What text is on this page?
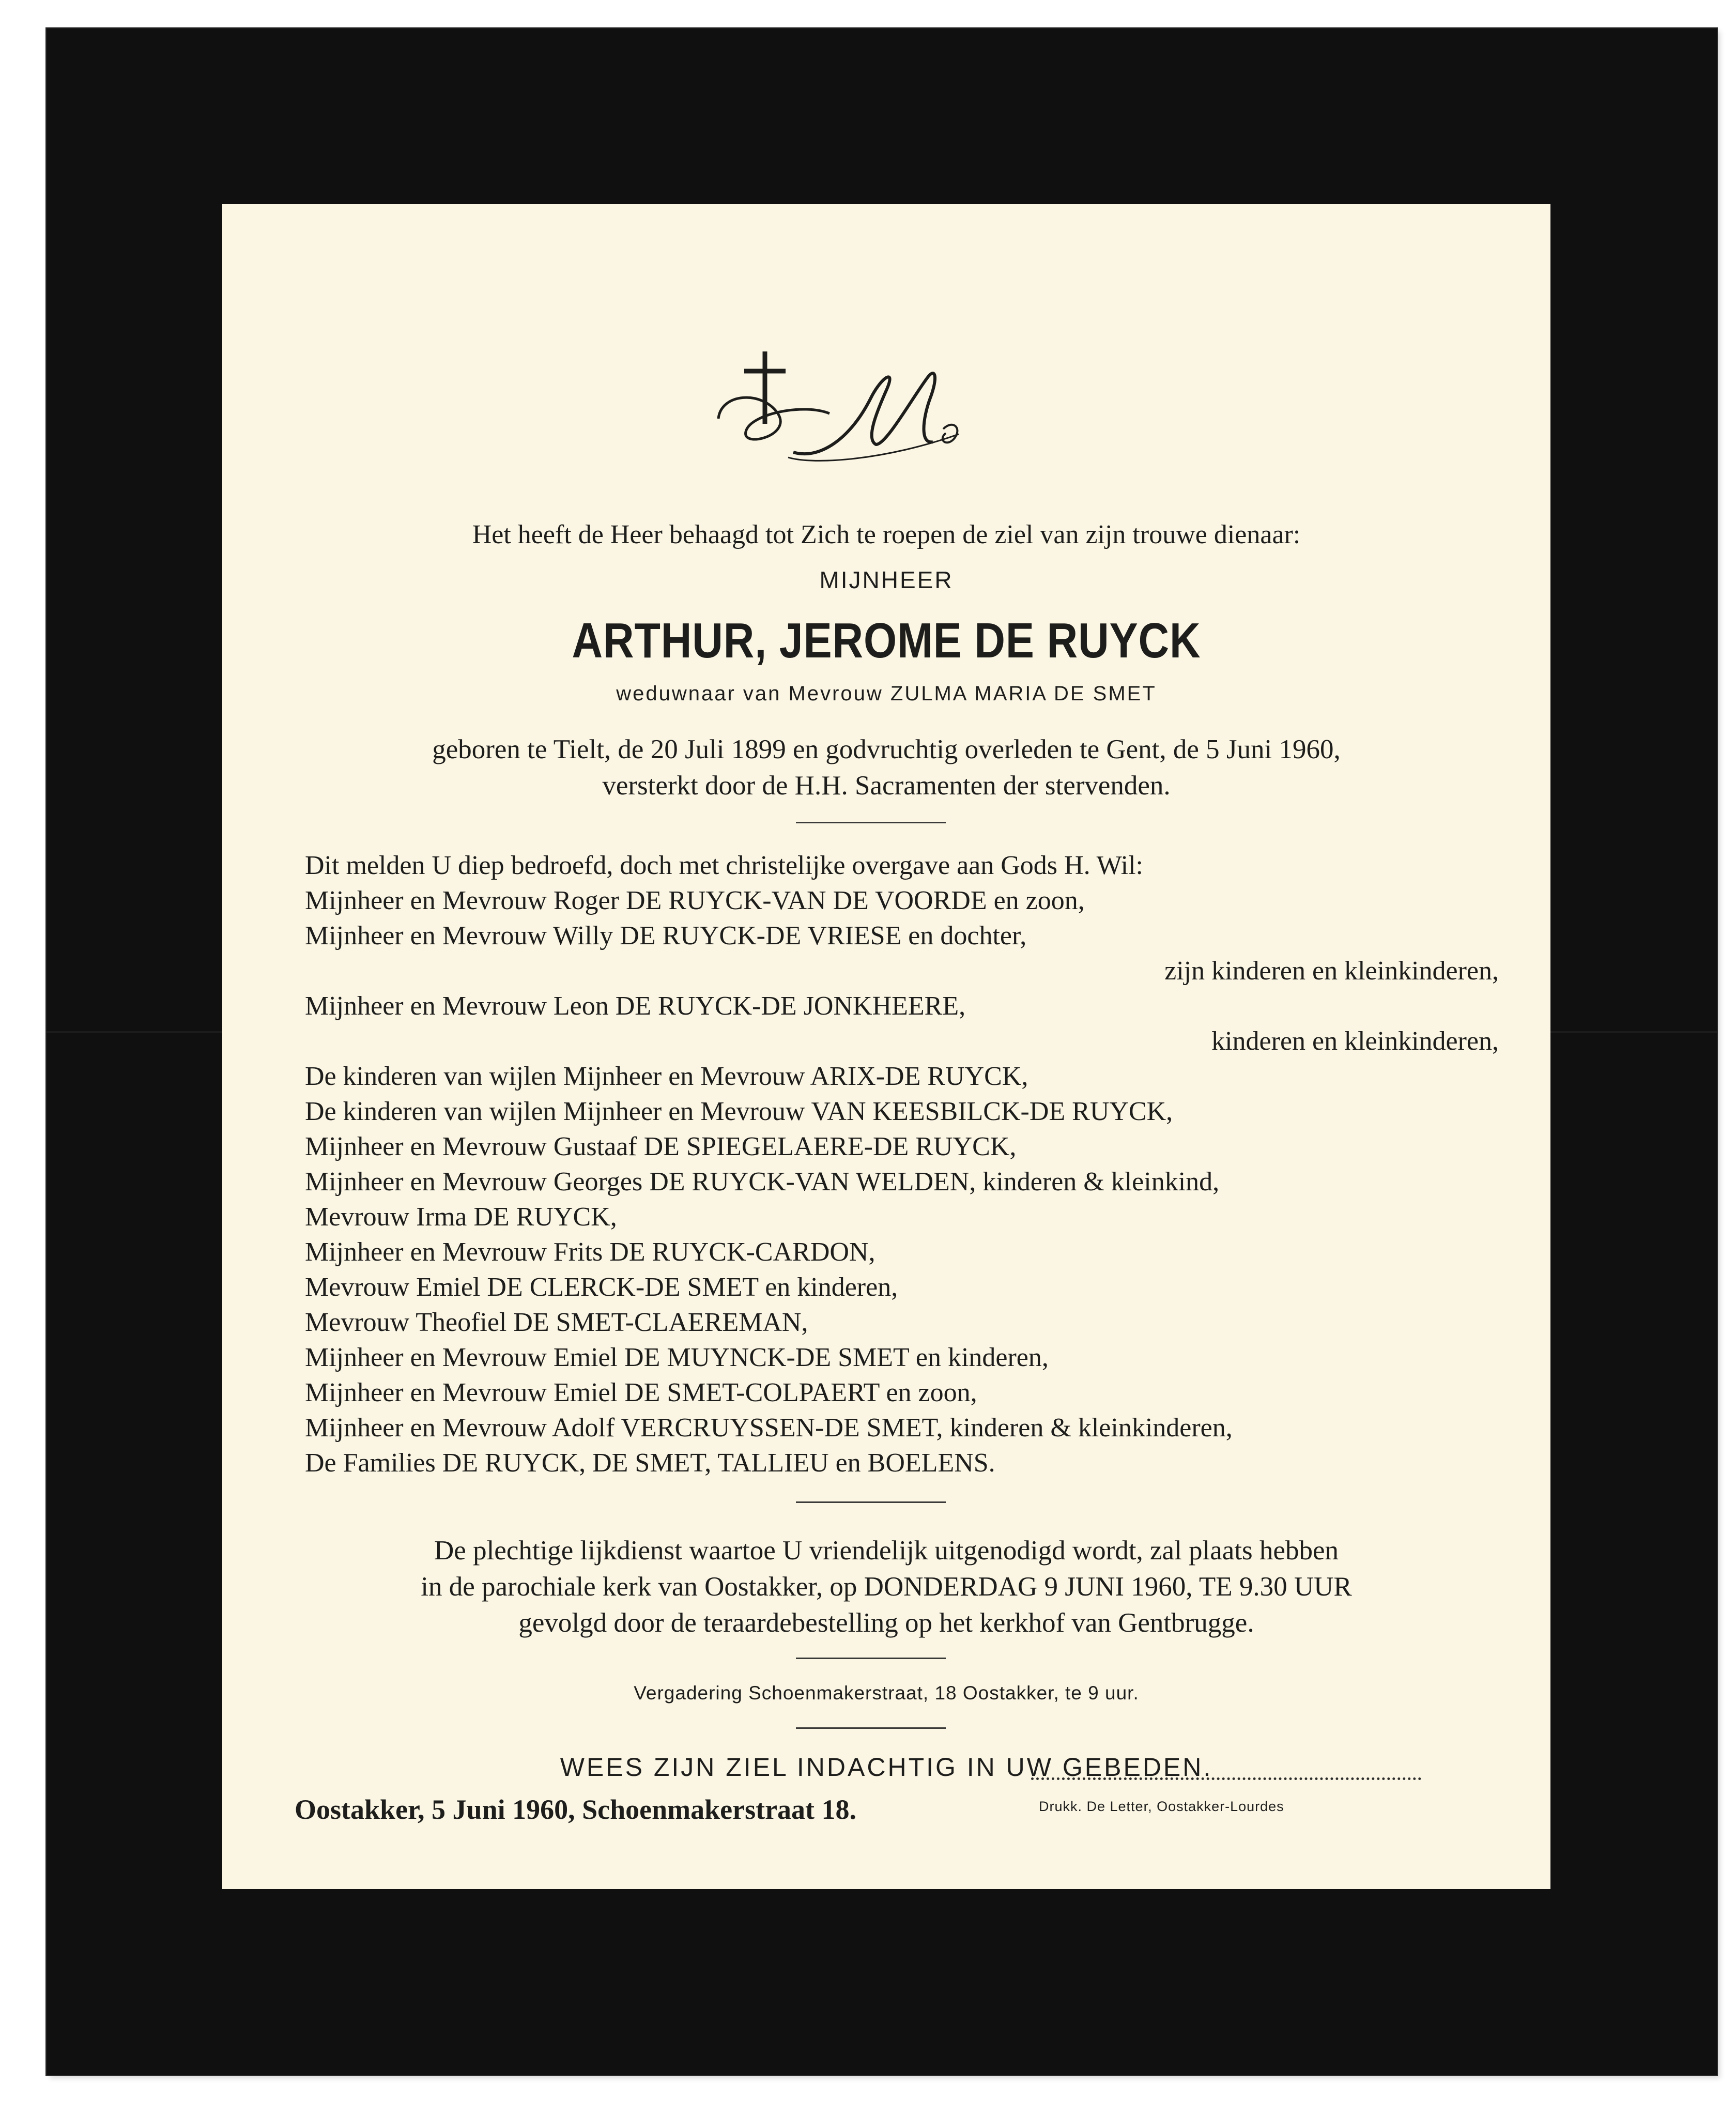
Het heeft de Heer behaagd tot Zich te roepen de ziel van zijn trouwe dienaar:
MIJNHEER
ARTHUR, JEROME DE RUYCK
weduwnaar van Mevrouw ZULMA MARIA DE SMET
geboren te Tielt, de 20 Juli 1899 en godvruchtig overleden te Gent, de 5 Juni 1960,
versterkt door de H.H. Sacramenten der stervenden.
Dit melden U diep bedroefd, doch met christelijke overgave aan Gods H. Wil:
Mijnheer en Mevrouw Roger DE RUYCK-VAN DE VOORDE en zoon,
Mijnheer en Mevrouw Willy DE RUYCK-DE VRIESE en dochter,
zijn kinderen en kleinkinderen,
Mijnheer en Mevrouw Leon DE RUYCK-DE JONKHEERE,
kinderen en kleinkinderen,
De kinderen van wijlen Mijnheer en Mevrouw ARIX-DE RUYCK,
De kinderen van wijlen Mijnheer en Mevrouw VAN KEESBILCK-DE RUYCK,
Mijnheer en Mevrouw Gustaaf DE SPIEGELAERE-DE RUYCK,
Mijnheer en Mevrouw Georges DE RUYCK-VAN WELDEN, kinderen & kleinkind,
Mevrouw Irma DE RUYCK,
Mijnheer en Mevrouw Frits DE RUYCK-CARDON,
Mevrouw Emiel DE CLERCK-DE SMET en kinderen,
Mevrouw Theofiel DE SMET-CLAEREMAN,
Mijnheer en Mevrouw Emiel DE MUYNCK-DE SMET en kinderen,
Mijnheer en Mevrouw Emiel DE SMET-COLPAERT en zoon,
Mijnheer en Mevrouw Adolf VERCRUYSSEN-DE SMET, kinderen & kleinkinderen,
De Families DE RUYCK, DE SMET, TALLIEU en BOELENS.
De plechtige lijkdienst waartoe U vriendelijk uitgenodigd wordt, zal plaats hebben
in de parochiale kerk van Oostakker, op DONDERDAG 9 JUNI 1960, TE 9.30 UUR
gevolgd door de teraardebestelling op het kerkhof van Gentbrugge.
Vergadering Schoenmakerstraat, 18 Oostakker, te 9 uur.
WEES ZIJN ZIEL INDACHTIG IN UW GEBEDEN.
Oostakker, 5 Juni 1960, Schoenmakerstraat 18.	Drukk. De Letter, Oostakker-Lourdes
